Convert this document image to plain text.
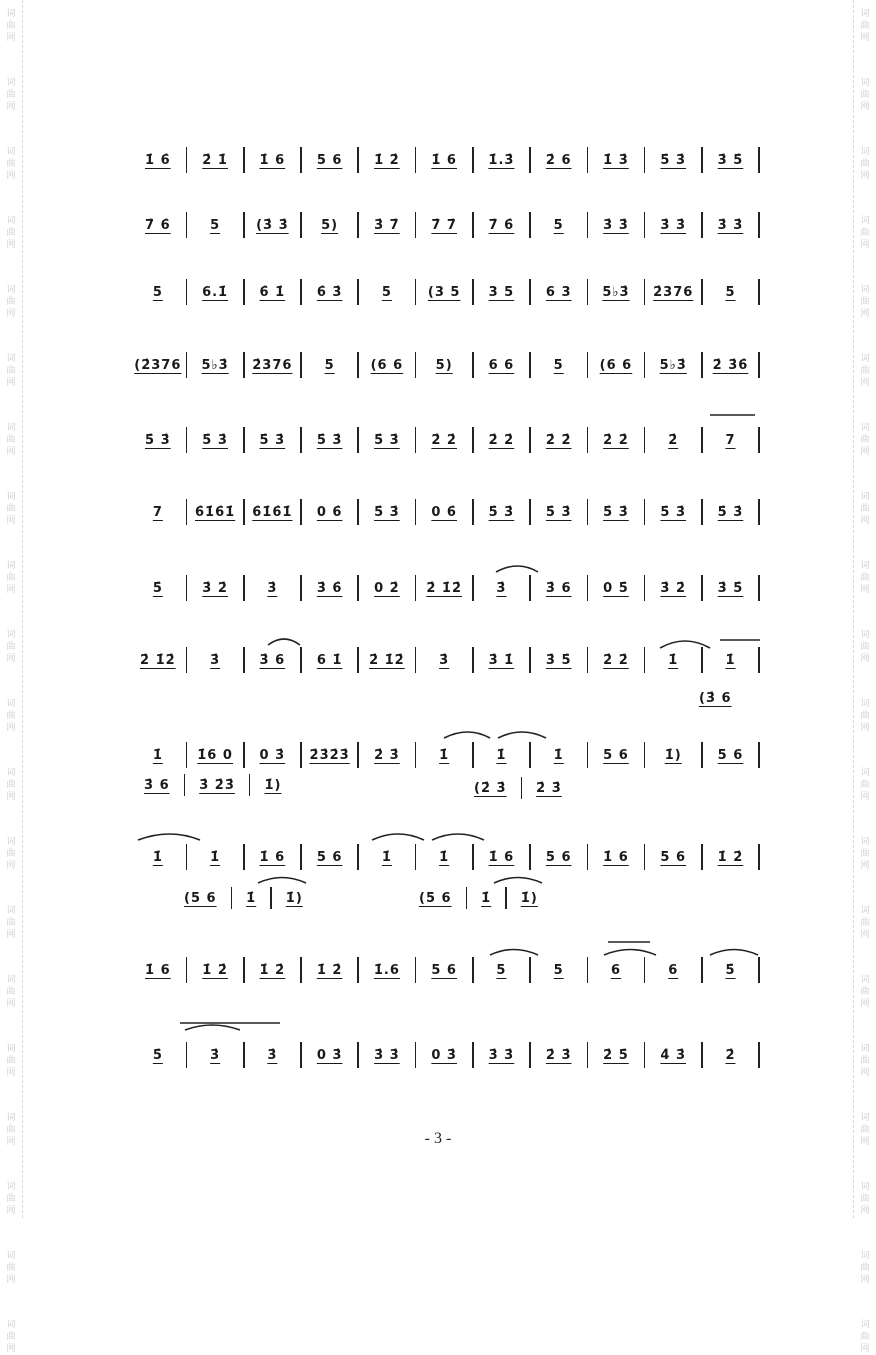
词
曲
网
词
曲
网
词
曲
网
词
曲
网
词
曲
网
词
曲
网
词
曲
网
词
曲
网
词
曲
网
词
曲
网
词
曲
网
词
曲
网
词
曲
网
词
曲
网
词
曲
网
词
曲
网
词
曲
网
词
曲
网
词
曲
网
词
曲
网
词
曲
网
词
曲
网
词
曲
网
词
曲
网
词
曲
网
词
曲
网
词
曲
网
词
曲
网
词
曲
网
词
曲
网
词
曲
网
词
曲
网
词
曲
网
词
曲
网
词
曲
网
词
曲
网
词
曲
网
词
曲
网
词
曲
网
词
曲
网
1̇ 6̇	2̇ 1̇	1̇ 6	5 6	1̇ 2̇	1̇ 6	1̇.3̇	2̇ 6	1̇ 3̇	5̇ 3̇	3̇ 5̇
7̇ 6̇	5	(3̇ 3̇	5)	3̇ 7̇	7̇ 7̇	7̇ 6̇	5	3̇ 3̇	3̇ 3̇	3̇ 3̇
5	6.1̇	6̇ 1̇	6̇ 3̇	5	(3 5	3 5	6 3	5♭3̇	2̇376	5
(2̇376	5♭3̇	2̇376	5	(6 6	5)	6 6	5	(6 6	5♭3̇	2̇ 3̇6̇
5̇ 3̇	5̇ 3̇	5̇ 3̇	5̇ 3̇	5̇ 3̇	2̇ 2̇	2̇ 2̇	2̇ 2̇	2̇ 2̇	2̇	7
7	6̇1̇6̇1̇	6̇1̇6̇1̇	0 6̇	5̇ 3̇	0 6̇	5̇ 3̇	5̇ 3̇	5̇ 3̇	5̇ 3̇	5̇ 3̇
5̇	3̇ 2̇	3̇	3̇ 6̇	0 2̇	2̇ 1̇2̇	3̇	3̇ 6	0 5̇	3̇ 2̇	3̇ 5̇
2̇ 1̇2̇	3̇	3̇ 6	6 1̇	2̇ 1̇2̇	3̇	3̇ 1̇	3̇ 5̇	2̇ 2̇	1̇	1̇
1̇	1̇6 0	0 3̇	2̇3̇2̇3̇	2̇ 3̇	1̇	1̇	1̇	5 6	1̇)	5 6
1̇	1̇	1̇ 6	5 6	1̇	1̇	1̇ 6	5 6	1̇ 6	5 6	1̇ 2̇
1̇ 6	1̇ 2̇	1̇ 2̇	1̇ 2̇	1̇.6	5 6	5	5	6	6	5̇
5̇	3̇	3̇	0 3̇	3̇ 3̇	0 3̇	3̇ 3̇	2̇ 3̇	2̇ 5̇	4̇ 3̇	2̇
(3̇ 6
3̇ 6	3̇ 2̇3̇	1̇)	(2̇ 3̇	2̇ 3̇
(5 6	1̇	1̇)	(5 6	1̇	1̇)
- 3 -
